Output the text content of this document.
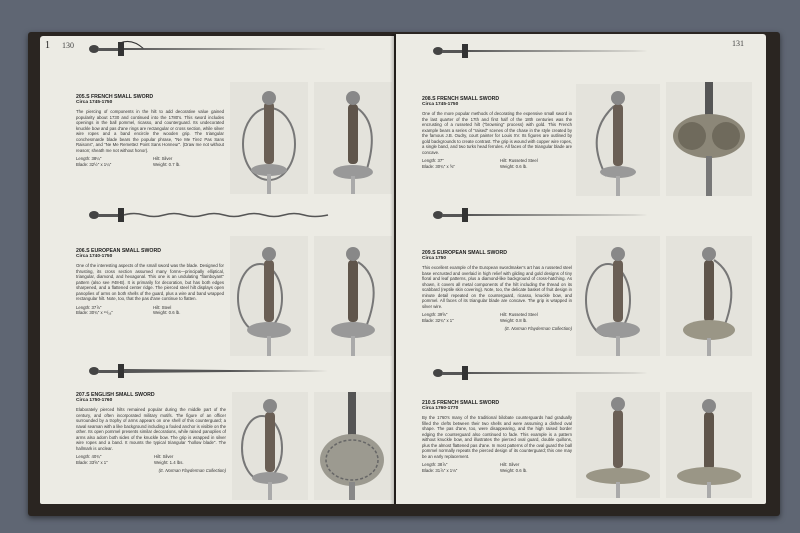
1 130
205.S FRENCH SMALL SWORD
Circa 1745-1750
The piercing of components in the hilt to add decorative value gained popularity about 1730 and continued into the 1780's. This sword includes openings in the ball pommel, ricasso, and counterguard. Its undecorated knuckle bow and pas d'ane rings are rectangular or cross section, while silver wire ropes and a band encircle the wooden grip. The triangular conchesmarde blade bears the popular phrase, "Ne Me Tirez Pas Sans Raisons", and "Ne Me Remettez Point Sans Honneur". (Draw me not without reason; sheath me not without honor).
Length: 38¼"	Hilt: Silver
Blade: 32½" x 1¼"	Weight: 0.7 lb.
206.S EUROPEAN SMALL SWORD
Circa 1740-1750
One of the interesting aspects of the small sword was the blade. Designed for thrusting, its cross section assumed many forms—principally elliptical, triangular, diamond, and hexagonal. This one is an undulating "flamboyant" pattern (also see #48-B). It is primarily for decoration, but has both edges sharpened, and a flattened center ridge. The pierced steel hilt displays open panoplies of arms on both shells of the guard, plus a wire and band wrapped rectangular hilt. Note, too, that the pas d'ane continue to flatten.
Length: 37⅞"	Hilt: Steel
Blade: 30¾" x ¹⁵/₁₆"	Weight: 0.6 lb.
207.S ENGLISH SMALL SWORD
Circa 1750-1760
Elaborately pierced hilts remained popular during the middle part of the century, and often incorporated military motifs. The figure of an officer surrounded by a trophy of arms appears on one shell of this counterguard; a naval seaman with a like background including a fouled anchor is visible on the other. Its open pommel presents similar decorations, while raised panoplies of arms also adorn both sides of the knuckle bow. The grip is wrapped in silver wire ropes and a band. It mounts the typical triangular "hollow blade". The hallmark is unclear.
Length: 40¾"	Hilt: Silver
Blade: 33⅝" x 1"	Weight: 1.4 lbs.
(E. Norman Flayderman Collection)
131
208.S FRENCH SMALL SWORD
Circa 1745-1750
One of the more popular methods of decorating the expensive small sword in the last quarter of the 17th and first half of the 18th centuries was the encrusting of a russeted hilt ("browning" process) with gold. This French example bears a series of "raised" scenes of the chase in the style created by the famous J.B. Oudry, court painter for Louis XV. Its figures are outlined by gold backgrounds to create contrast. The grip is wound with copper wire ropes, a single band, and two turks head ferrules. All faces of the triangular blade are concave.
Length: 37"	Hilt: Russeted Steel
Blade: 30¾" x ⅝"	Weight: 0.6 lb.
209.S EUROPEAN SMALL SWORD
Circa 1750
This excellent example of the European swordmaker's art has a russeted steel base encrusted and overlaid in high relief with gilding and gold designs of tiny floral and leaf patterns, plus a diamond-like background of cross-hatching. As shown, it covers all metal components of the hilt including the thread on its scabbard (reptile skin covering). Note, too, the delicate basket of fruit design in minute detail repeated on the counterguard, ricasso, knuckle bow, and pommel. All faces of its triangular blade are concave. The grip is wrapped in silver wire.
Length: 39⅝"	Hilt: Russeted Steel
Blade: 32¾" x 1"	Weight: 0.8 lb.
(E. Norman Flayderman Collection)
210.S FRENCH SMALL SWORD
Circa 1760-1770
By the 1760's many of the traditional bilobate counterguards had gradually filled the clefts between their two shells and were assuming a dished oval shape. The pas d'ane, too, were disappearing, and the high raised border edging the counterguard also continued to fade. This example is a pattern without knuckle bow, and illustrates the pierced oval guard, double quillons, plus the almost flattened pas d'ane. In most patterns of the oval guard the ball pommel normally repeats the pierced design of its counterguard; this one may be an early replacement.
Length: 38⅞"	Hilt: Silver
Blade: 31⅞" x 1⅛"	Weight: 0.6 lb.
